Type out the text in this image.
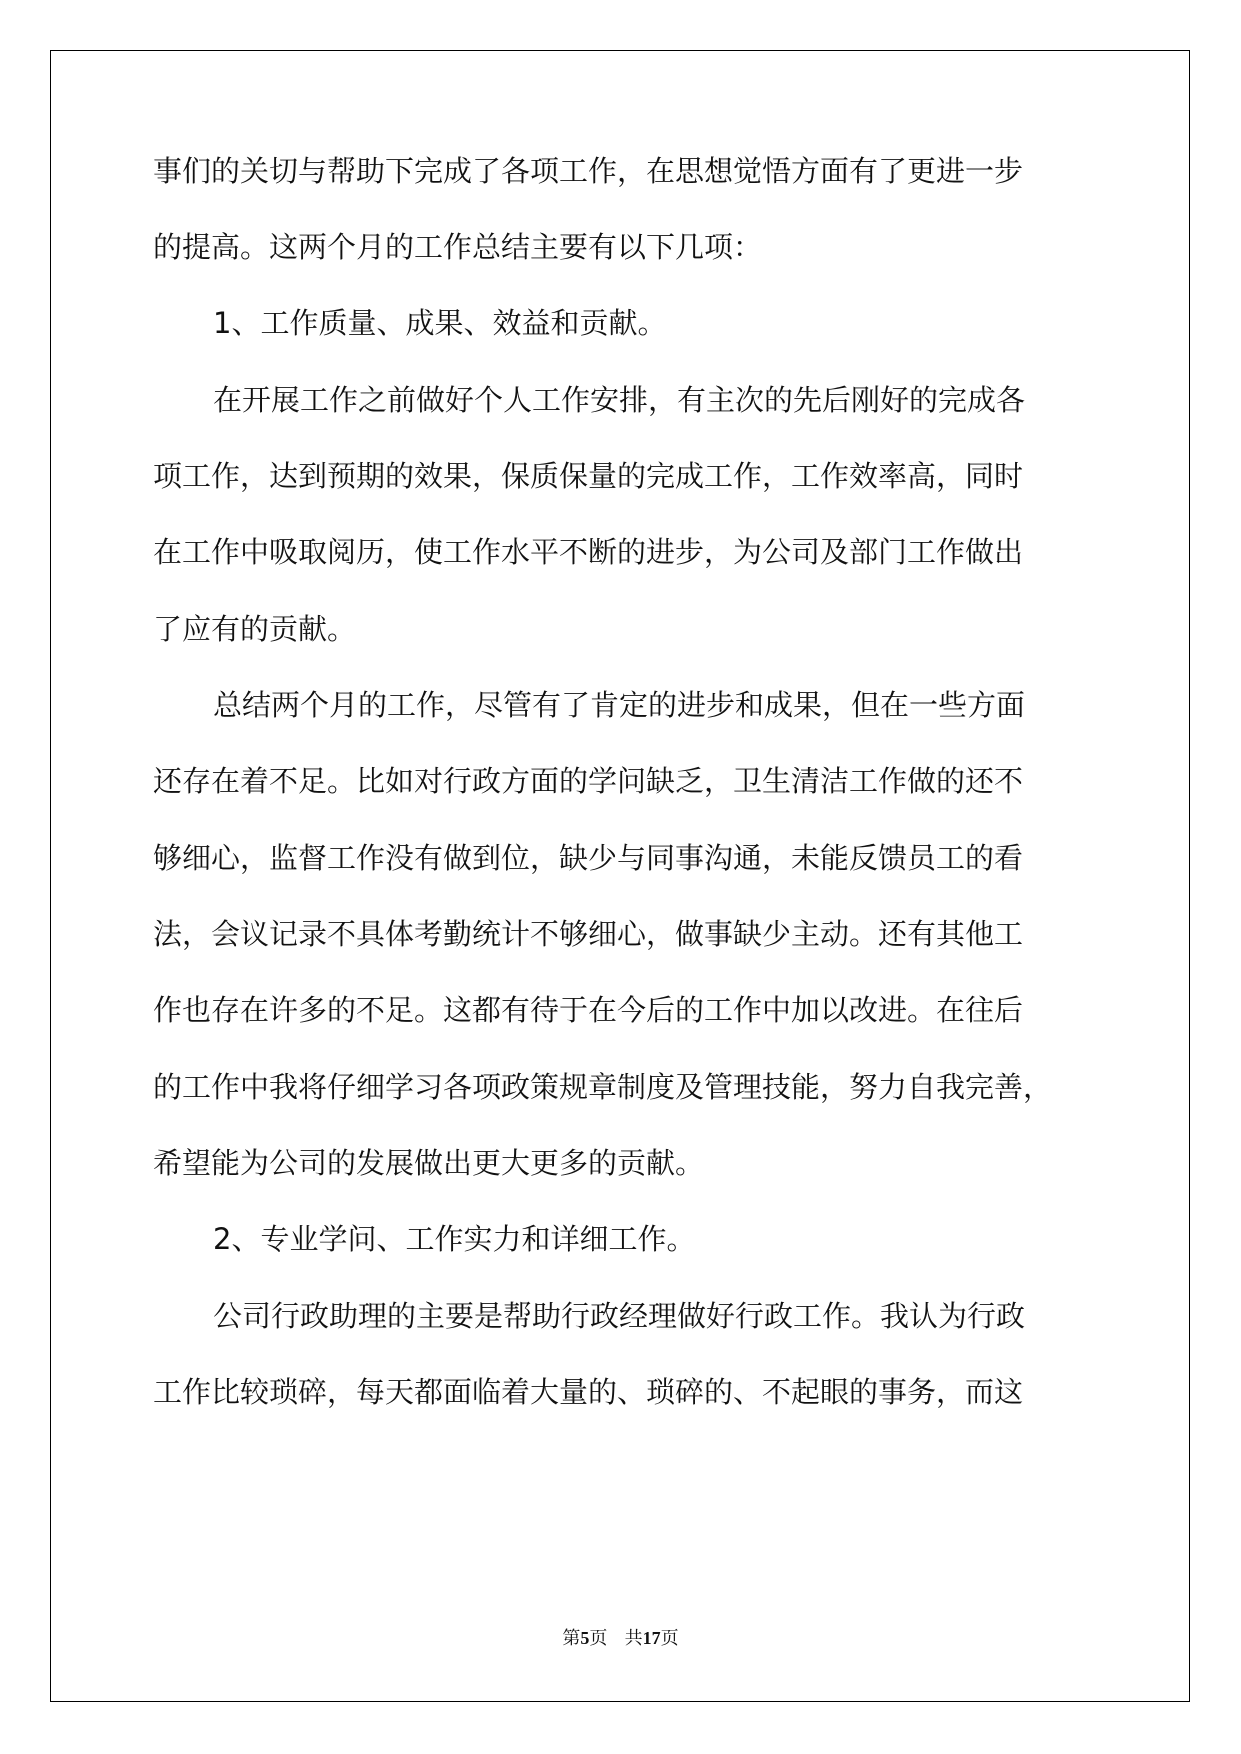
事们的关切与帮助下完成了各项工作，在思想觉悟方面有了更进一步

的提高。这两个月的工作总结主要有以下几项：

1、工作质量、成果、效益和贡献。

在开展工作之前做好个人工作安排，有主次的先后刚好的完成各

项工作，达到预期的效果，保质保量的完成工作，工作效率高，同时

在工作中吸取阅历，使工作水平不断的进步，为公司及部门工作做出

了应有的贡献。

总结两个月的工作，尽管有了肯定的进步和成果，但在一些方面

还存在着不足。比如对行政方面的学问缺乏，卫生清洁工作做的还不

够细心，监督工作没有做到位，缺少与同事沟通，未能反馈员工的看

法，会议记录不具体考勤统计不够细心，做事缺少主动。还有其他工

作也存在许多的不足。这都有待于在今后的工作中加以改进。在往后

的工作中我将仔细学习各项政策规章制度及管理技能，努力自我完善，

希望能为公司的发展做出更大更多的贡献。

2、专业学问、工作实力和详细工作。

公司行政助理的主要是帮助行政经理做好行政工作。我认为行政

工作比较琐碎，每天都面临着大量的、琐碎的、不起眼的事务，而这

第5页 共17页
